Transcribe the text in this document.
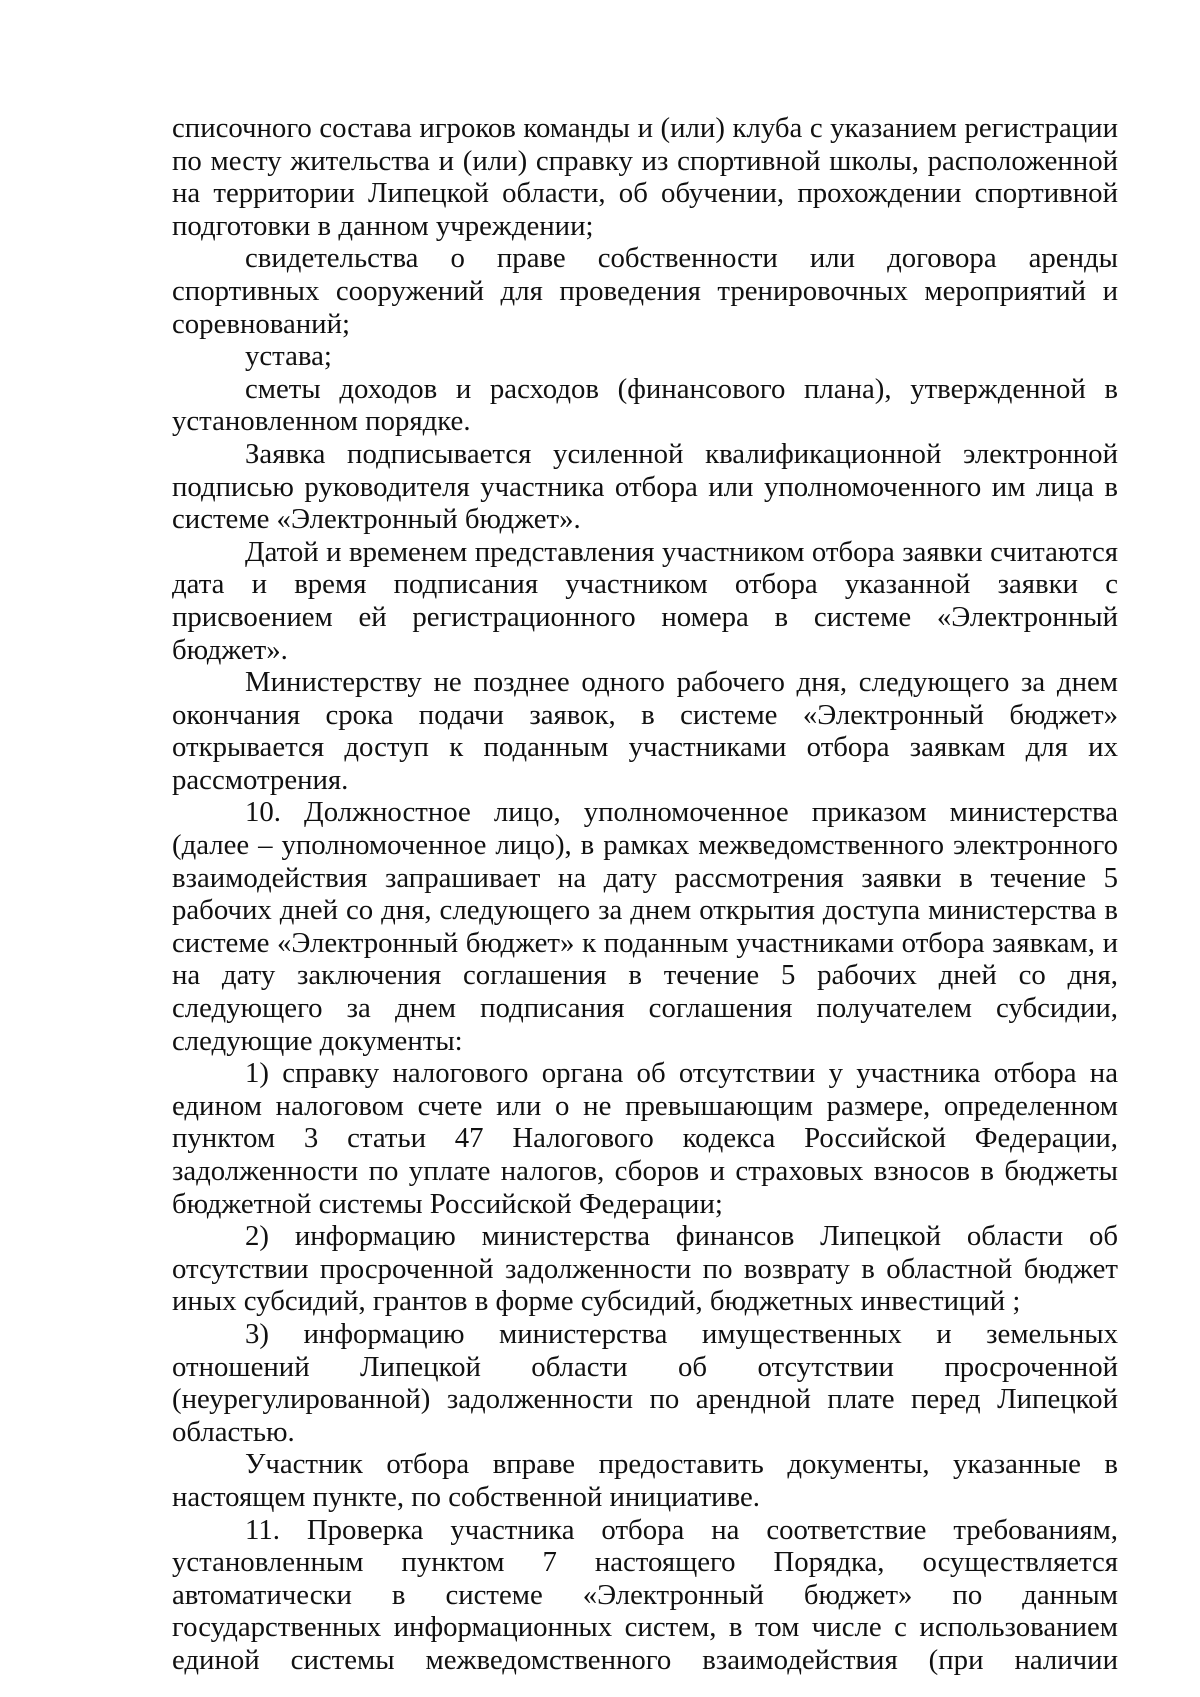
списочного состава игроков команды и (или) клуба с указанием регистрации по месту жительства и (или) справку из спортивной школы, расположенной на территории Липецкой области, об обучении, прохождении спортивной подготовки в данном учреждении;

свидетельства о праве собственности или договора аренды спортивных сооружений для проведения тренировочных мероприятий и соревнований;

устава;

сметы доходов и расходов (финансового плана), утвержденной в установленном порядке.

Заявка подписывается усиленной квалификационной электронной подписью руководителя участника отбора или уполномоченного им лица в системе «Электронный бюджет».

Датой и временем представления участником отбора заявки считаются дата и время подписания участником отбора указанной заявки с присвоением ей регистрационного номера в системе «Электронный бюджет».

Министерству не позднее одного рабочего дня, следующего за днем окончания срока подачи заявок, в системе «Электронный бюджет» открывается доступ к поданным участниками отбора заявкам для их рассмотрения.

10. Должностное лицо, уполномоченное приказом министерства (далее – уполномоченное лицо), в рамках межведомственного электронного взаимодействия запрашивает на дату рассмотрения заявки в течение 5 рабочих дней со дня, следующего за днем открытия доступа министерства в системе «Электронный бюджет» к поданным участниками отбора заявкам, и на дату заключения соглашения в течение 5 рабочих дней со дня, следующего за днем подписания соглашения получателем субсидии, следующие документы:

1) справку налогового органа об отсутствии у участника отбора на едином налоговом счете или о не превышающим размере, определенном пунктом 3 статьи 47 Налогового кодекса Российской Федерации, задолженности по уплате налогов, сборов и страховых взносов в бюджеты бюджетной системы Российской Федерации;

2) информацию министерства финансов Липецкой области об отсутствии просроченной задолженности по возврату в областной бюджет иных субсидий, грантов в форме субсидий, бюджетных инвестиций ;

3) информацию министерства имущественных и земельных отношений Липецкой области об отсутствии просроченной (неурегулированной) задолженности по арендной плате перед Липецкой областью.

Участник отбора вправе предоставить документы, указанные в настоящем пункте, по собственной инициативе.

11. Проверка участника отбора на соответствие требованиям, установленным пунктом 7 настоящего Порядка, осуществляется автоматически в системе «Электронный бюджет» по данным государственных информационных систем, в том числе с использованием единой системы межведомственного взаимодействия (при наличии
